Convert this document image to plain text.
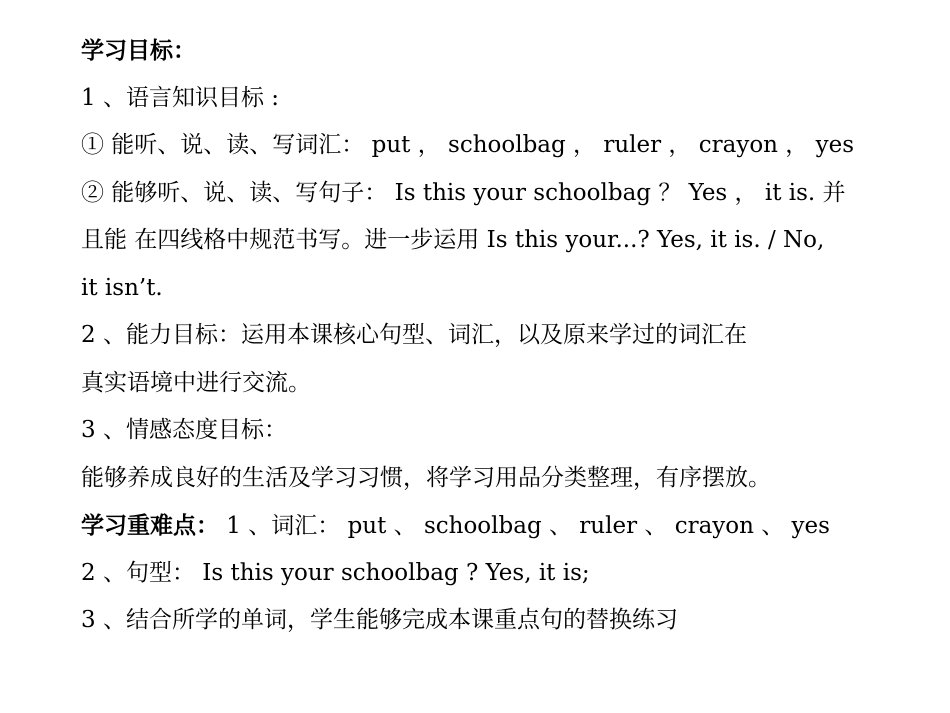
学习目标：
1 、语言知识目标 :
① 能听、说、读、写词汇： put ， schoolbag ， ruler ， crayon ， yes
② 能够听、说、读、写句子： Is this your schoolbag ？ Yes ， it is. 并
且能 在四线格中规范书写。进一步运用 Is this your...? Yes, it is. / No,
it isn’t.
2 、能力目标：运用本课核心句型、词汇，以及原来学过的词汇在
真实语境中进行交流。
3 、情感态度目标：
能够养成良好的生活及学习习惯，将学习用品分类整理，有序摆放。
学习重难点： 1 、词汇： put 、 schoolbag 、 ruler 、 crayon 、 yes
2 、句型： Is this your schoolbag ? Yes, it is;
3 、结合所学的单词，学生能够完成本课重点句的替换练习
